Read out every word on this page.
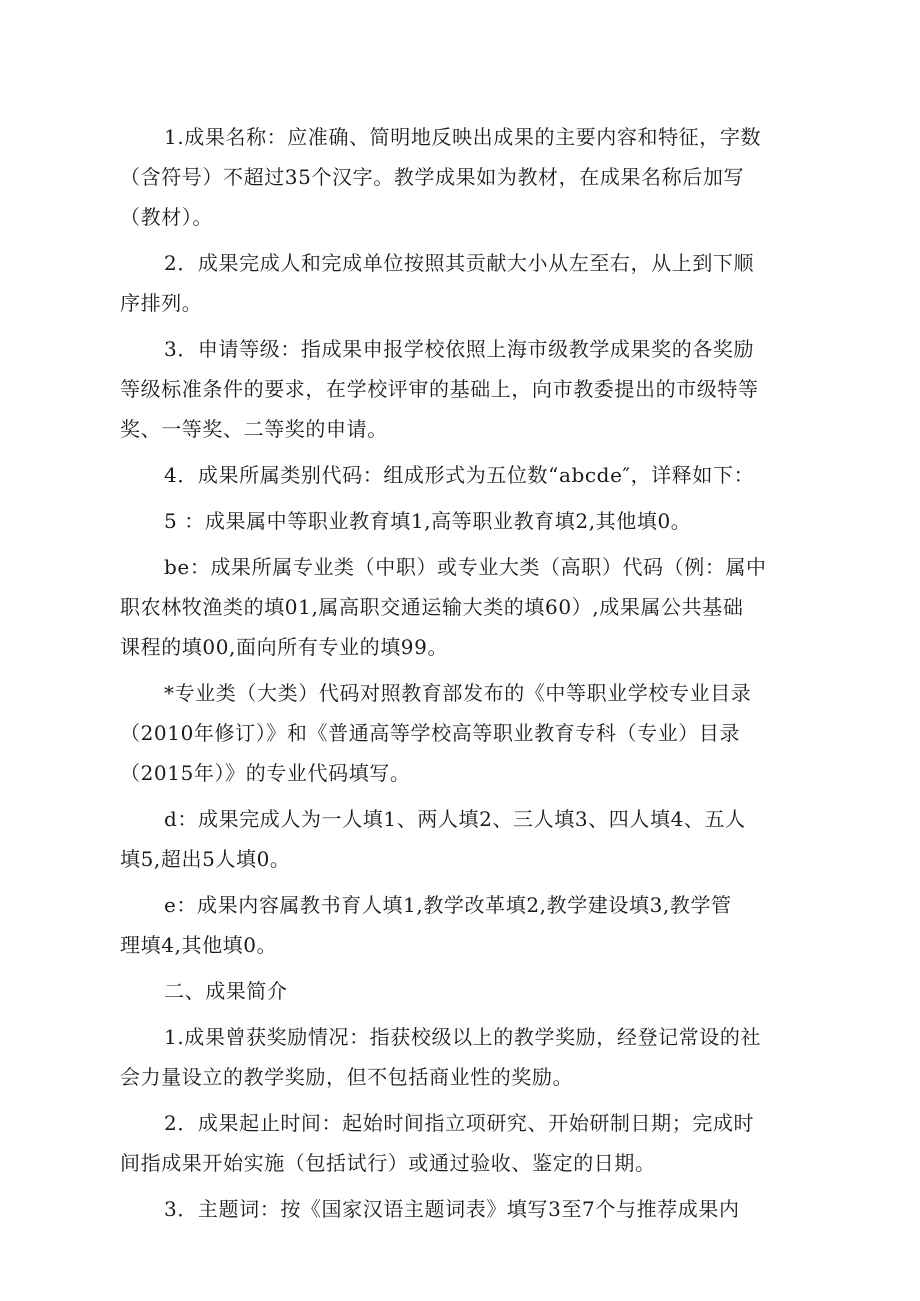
1.成果名称：应准确、简明地反映出成果的主要内容和特征，字数
（含符号）不超过35个汉字。教学成果如为教材，在成果名称后加写
（教材）。
2．成果完成人和完成单位按照其贡献大小从左至右，从上到下顺
序排列。
3．申请等级：指成果申报学校依照上海市级教学成果奖的各奖励
等级标准条件的要求，在学校评审的基础上，向市教委提出的市级特等
奖、一等奖、二等奖的申请。
4．成果所属类别代码：组成形式为五位数“abcde″，详释如下：
5 ：成果属中等职业教育填1,高等职业教育填2,其他填0。
be：成果所属专业类（中职）或专业大类（高职）代码（例：属中
职农林牧渔类的填01,属高职交通运输大类的填60）,成果属公共基础
课程的填00,面向所有专业的填99。
*专业类（大类）代码对照教育部发布的《中等职业学校专业目录
（2010年修订）》和《普通高等学校高等职业教育专科（专业）目录
（2015年）》的专业代码填写。
d：成果完成人为一人填1、两人填2、三人填3、四人填4、五人
填5,超出5人填0。
e：成果内容属教书育人填1,教学改革填2,教学建设填3,教学管
理填4,其他填0。
二、成果简介
1.成果曾获奖励情况：指获校级以上的教学奖励，经登记常设的社
会力量设立的教学奖励，但不包括商业性的奖励。
2．成果起止时间：起始时间指立项研究、开始研制日期；完成时
间指成果开始实施（包括试行）或通过验收、鉴定的日期。
3．主题词：按《国家汉语主题词表》填写3至7个与推荐成果内
